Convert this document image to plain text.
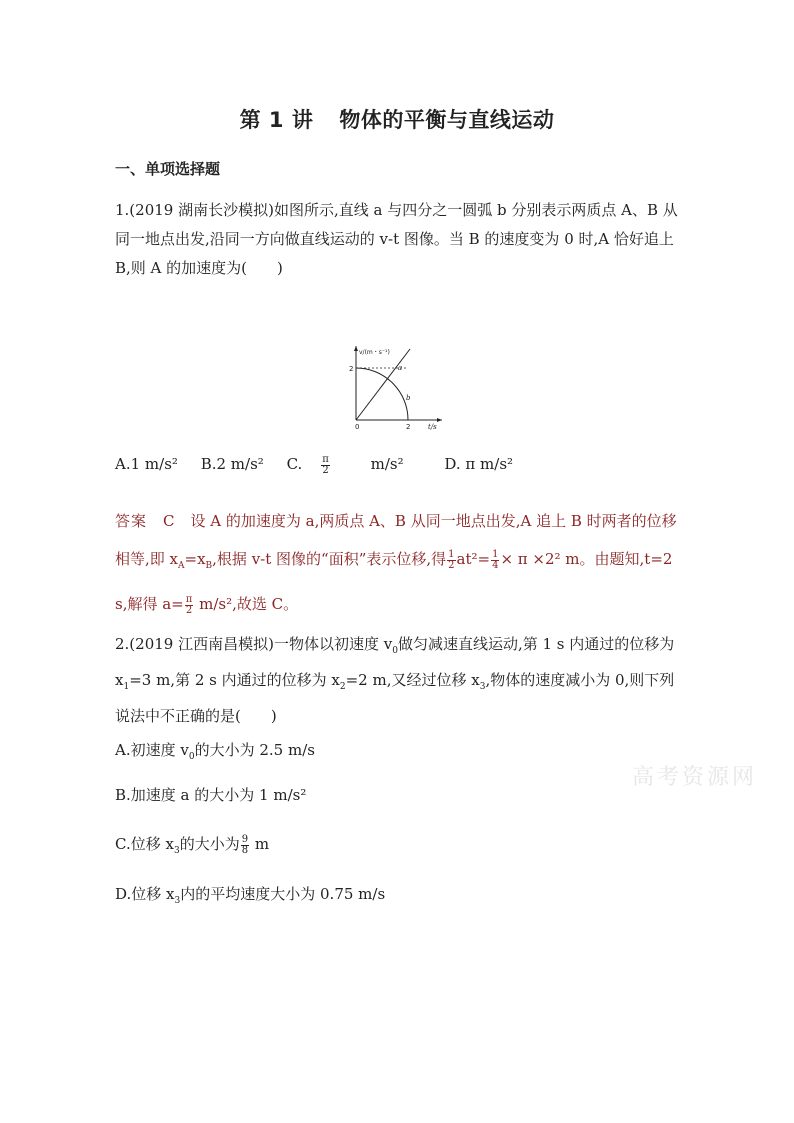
第 1 讲 物体的平衡与直线运动
一、单项选择题
1.(2019 湖南长沙模拟)如图所示,直线 a 与四分之一圆弧 b 分别表示两质点 A、B 从同一地点出发,沿同一方向做直线运动的 v-t 图像。当 B 的速度变为 0 时,A 恰好追上 B,则 A 的加速度为(　　)
v/(m・s⁻¹)
t/s
0	2
2	a
b
A.1 m/s² B.2 m/s² C. $\frac{\pi}{2} m/s^2$	D. π m/s²
答案　C　设 A 的加速度为 a,两质点 A、B 从同一地点出发,A 追上 B 时两者的位移相等,即 $x_A=x_B$,根据 v-t 图像的“面积”表示位移,得 $\frac{1}{2} at^2= \frac{1}{4} \times \pi \times 2^2$ m。由题知,t=2 s,解得 $a= \frac{\pi}{2} m/s^2$,故选 C。
2.(2019 江西南昌模拟)一物体以初速度 $v_0$做匀减速直线运动,第 1 s 内通过的位移为 $x_1=3$ m,第 2 s 内通过的位移为 $x_2=2$ m,又经过位移 $x_3$,物体的速度减小为 0,则下列说法中不正确的是(　　)
A.初速度 $v_0$的大小为 2.5 m/s
B.加速度 a 的大小为 1 m/s²
C.位移 $x_3$的大小为 $\frac{9}{8}$ m
D.位移 $x_3$内的平均速度大小为 0.75 m/s
高考资源网
